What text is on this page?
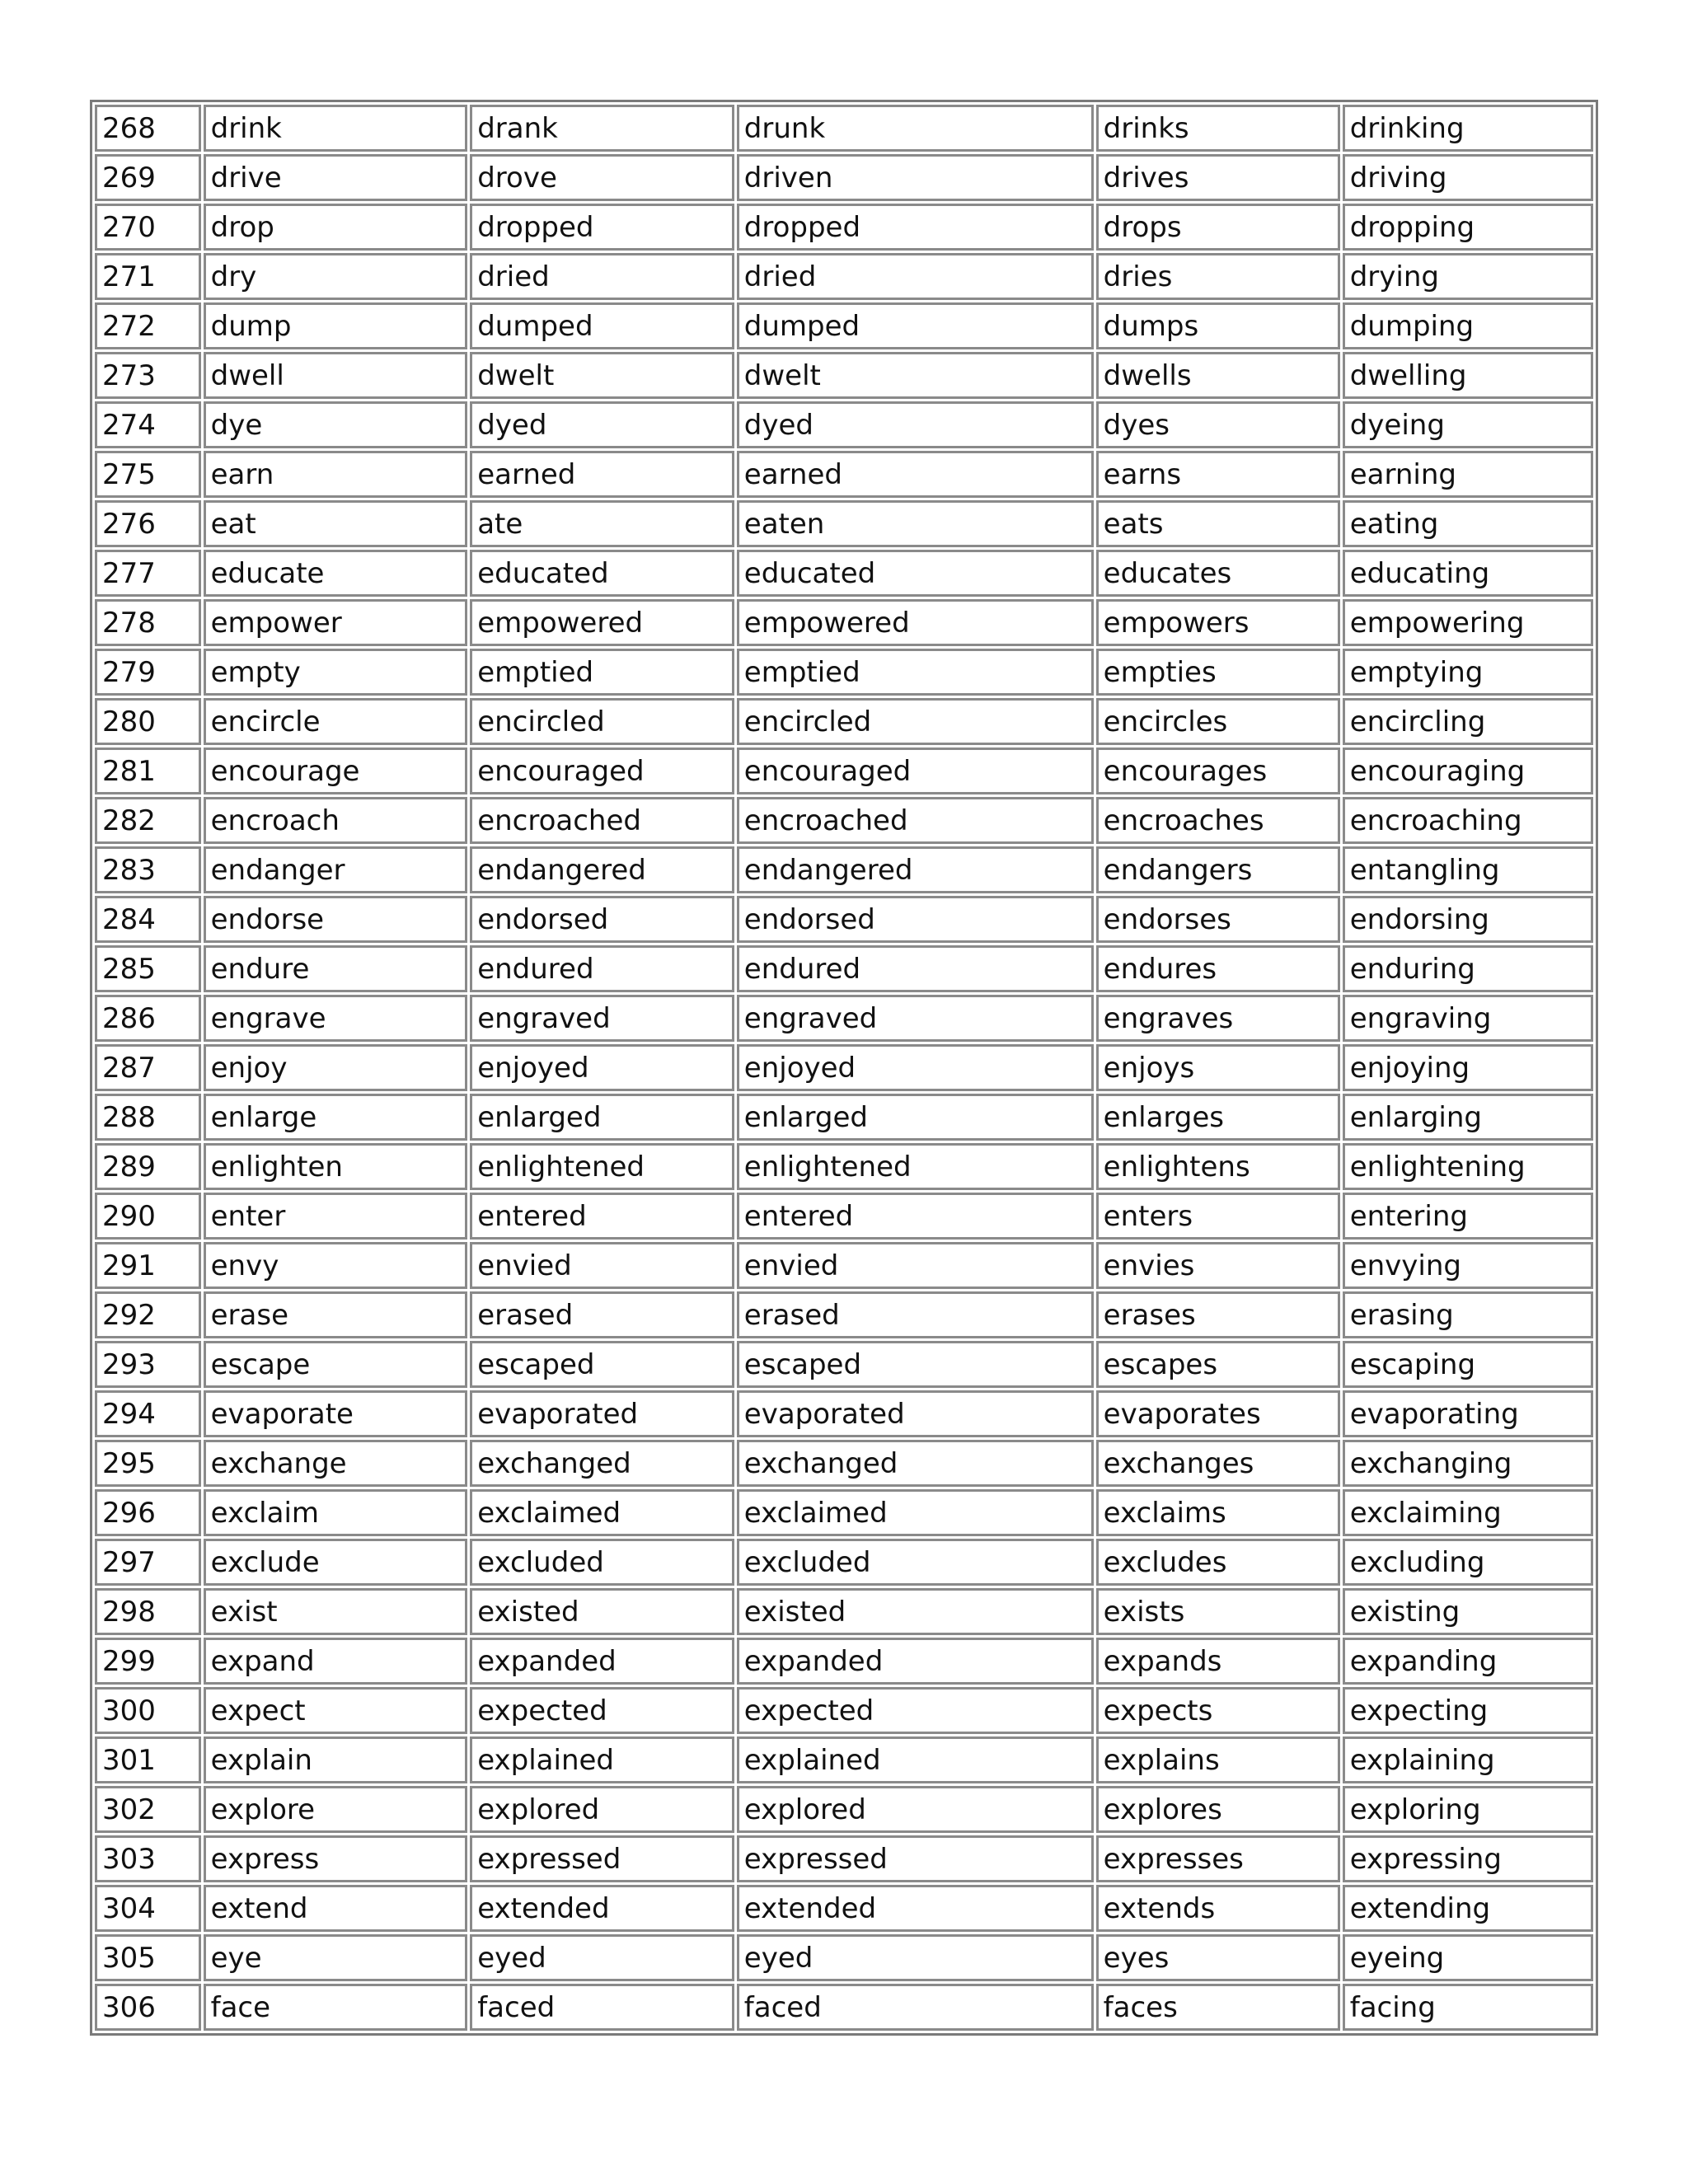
268	drink	drank	drunk	drinks	drinking
269	drive	drove	driven	drives	driving
270	drop	dropped	dropped	drops	dropping
271	dry	dried	dried	dries	drying
272	dump	dumped	dumped	dumps	dumping
273	dwell	dwelt	dwelt	dwells	dwelling
274	dye	dyed	dyed	dyes	dyeing
275	earn	earned	earned	earns	earning
276	eat	ate	eaten	eats	eating
277	educate	educated	educated	educates	educating
278	empower	empowered	empowered	empowers	empowering
279	empty	emptied	emptied	empties	emptying
280	encircle	encircled	encircled	encircles	encircling
281	encourage	encouraged	encouraged	encourages	encouraging
282	encroach	encroached	encroached	encroaches	encroaching
283	endanger	endangered	endangered	endangers	entangling
284	endorse	endorsed	endorsed	endorses	endorsing
285	endure	endured	endured	endures	enduring
286	engrave	engraved	engraved	engraves	engraving
287	enjoy	enjoyed	enjoyed	enjoys	enjoying
288	enlarge	enlarged	enlarged	enlarges	enlarging
289	enlighten	enlightened	enlightened	enlightens	enlightening
290	enter	entered	entered	enters	entering
291	envy	envied	envied	envies	envying
292	erase	erased	erased	erases	erasing
293	escape	escaped	escaped	escapes	escaping
294	evaporate	evaporated	evaporated	evaporates	evaporating
295	exchange	exchanged	exchanged	exchanges	exchanging
296	exclaim	exclaimed	exclaimed	exclaims	exclaiming
297	exclude	excluded	excluded	excludes	excluding
298	exist	existed	existed	exists	existing
299	expand	expanded	expanded	expands	expanding
300	expect	expected	expected	expects	expecting
301	explain	explained	explained	explains	explaining
302	explore	explored	explored	explores	exploring
303	express	expressed	expressed	expresses	expressing
304	extend	extended	extended	extends	extending
305	eye	eyed	eyed	eyes	eyeing
306	face	faced	faced	faces	facing
